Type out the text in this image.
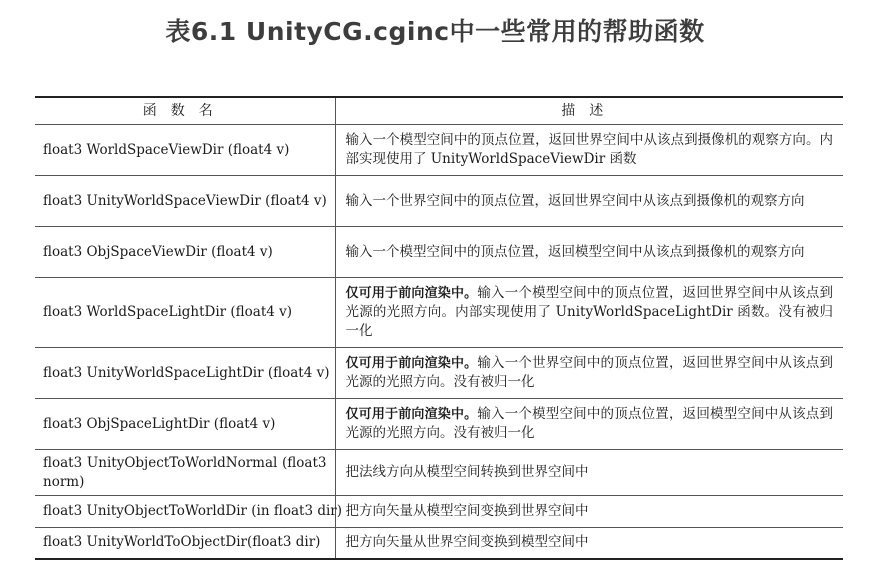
表6.1 UnityCG.cginc中一些常用的帮助函数
函数名	描述
float3 WorldSpaceViewDir (float4 v)	输入一个模型空间中的顶点位置，返回世界空间中从该点到摄像机的观察方向。内部实现使用了 UnityWorldSpaceViewDir 函数
float3 UnityWorldSpaceViewDir (float4 v)	输入一个世界空间中的顶点位置，返回世界空间中从该点到摄像机的观察方向
float3 ObjSpaceViewDir (float4 v)	输入一个模型空间中的顶点位置，返回模型空间中从该点到摄像机的观察方向
float3 WorldSpaceLightDir (float4 v)	仅可用于前向渲染中。输入一个模型空间中的顶点位置，返回世界空间中从该点到光源的光照方向。内部实现使用了 UnityWorldSpaceLightDir 函数。没有被归一化
float3 UnityWorldSpaceLightDir (float4 v)	仅可用于前向渲染中。输入一个世界空间中的顶点位置，返回世界空间中从该点到光源的光照方向。没有被归一化
float3 ObjSpaceLightDir (float4 v)	仅可用于前向渲染中。输入一个模型空间中的顶点位置，返回模型空间中从该点到光源的光照方向。没有被归一化
float3 UnityObjectToWorldNormal (float3 norm)	把法线方向从模型空间转换到世界空间中
float3 UnityObjectToWorldDir (in float3 dir)	把方向矢量从模型空间变换到世界空间中
float3 UnityWorldToObjectDir(float3 dir)	把方向矢量从世界空间变换到模型空间中
